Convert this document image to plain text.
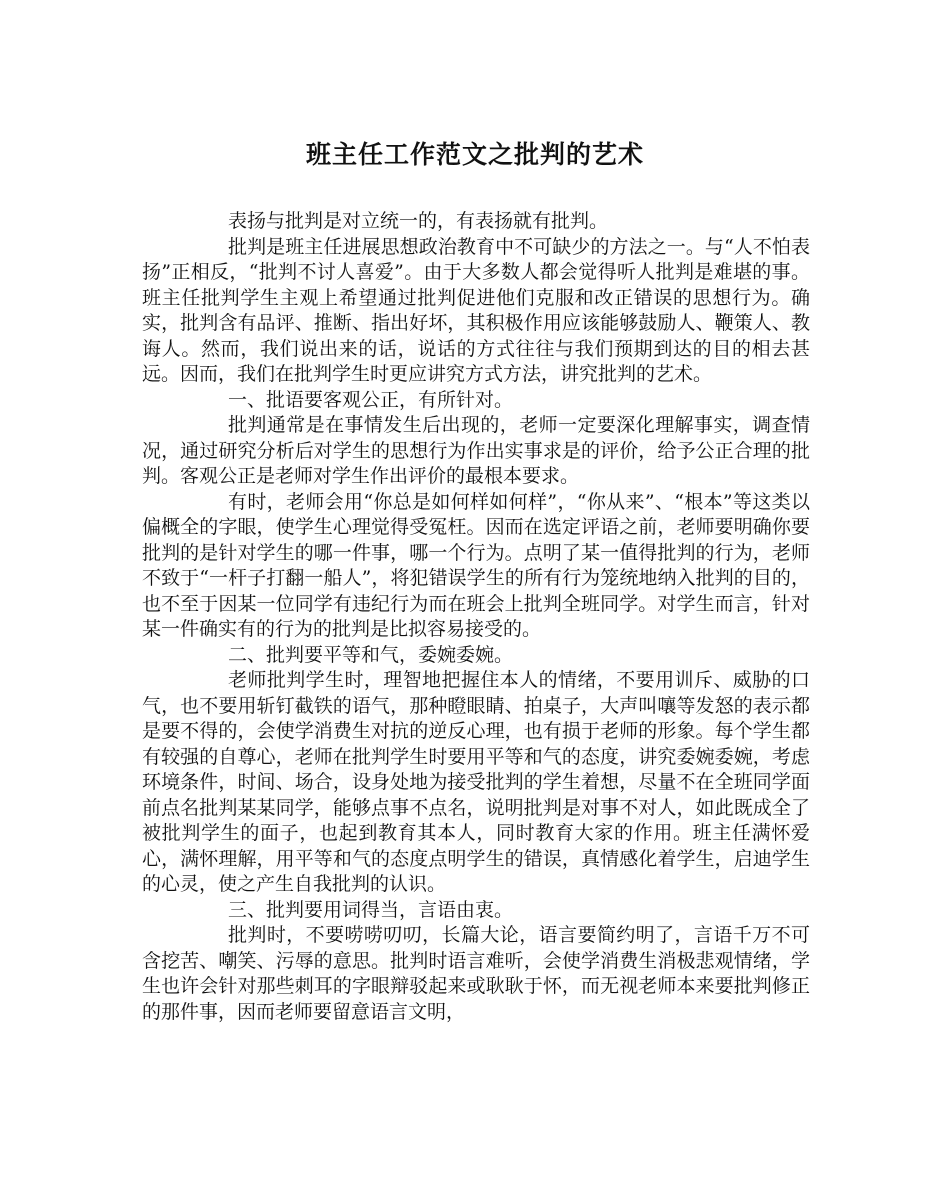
班主任工作范文之批判的艺术

表扬与批判是对立统一的，有表扬就有批判。

批判是班主任进展思想政治教育中不可缺少的方法之一。与“人不怕表扬”正相反，“批判不讨人喜爱”。由于大多数人都会觉得听人批判是难堪的事。班主任批判学生主观上希望通过批判促进他们克服和改正错误的思想行为。确实，批判含有品评、推断、指出好坏，其积极作用应该能够鼓励人、鞭策人、教诲人。然而，我们说出来的话，说话的方式往往与我们预期到达的目的相去甚远。因而，我们在批判学生时更应讲究方式方法，讲究批判的艺术。

一、批语要客观公正，有所针对。

批判通常是在事情发生后出现的，老师一定要深化理解事实，调查情况，通过研究分析后对学生的思想行为作出实事求是的评价，给予公正合理的批判。客观公正是老师对学生作出评价的最根本要求。

有时，老师会用“你总是如何样如何样”，“你从来”、“根本”等这类以偏概全的字眼，使学生心理觉得受冤枉。因而在选定评语之前，老师要明确你要批判的是针对学生的哪一件事，哪一个行为。点明了某一值得批判的行为，老师不致于“一杆子打翻一船人”，将犯错误学生的所有行为笼统地纳入批判的目的，也不至于因某一位同学有违纪行为而在班会上批判全班同学。对学生而言，针对某一件确实有的行为的批判是比拟容易接受的。

二、批判要平等和气，委婉委婉。

老师批判学生时，理智地把握住本人的情绪，不要用训斥、威胁的口气，也不要用斩钉截铁的语气，那种瞪眼睛、拍桌子，大声叫嚷等发怒的表示都是要不得的，会使学消费生对抗的逆反心理，也有损于老师的形象。每个学生都有较强的自尊心，老师在批判学生时要用平等和气的态度，讲究委婉委婉，考虑环境条件，时间、场合，设身处地为接受批判的学生着想，尽量不在全班同学面前点名批判某某同学，能够点事不点名，说明批判是对事不对人，如此既成全了被批判学生的面子，也起到教育其本人，同时教育大家的作用。班主任满怀爱心，满怀理解，用平等和气的态度点明学生的错误，真情感化着学生，启迪学生的心灵，使之产生自我批判的认识。

三、批判要用词得当，言语由衷。

批判时，不要唠唠叨叨，长篇大论，语言要简约明了，言语千万不可含挖苦、嘲笑、污辱的意思。批判时语言难听，会使学消费生消极悲观情绪，学生也许会针对那些刺耳的字眼辩驳起来或耿耿于怀，而无视老师本来要批判修正的那件事，因而老师要留意语言文明，
